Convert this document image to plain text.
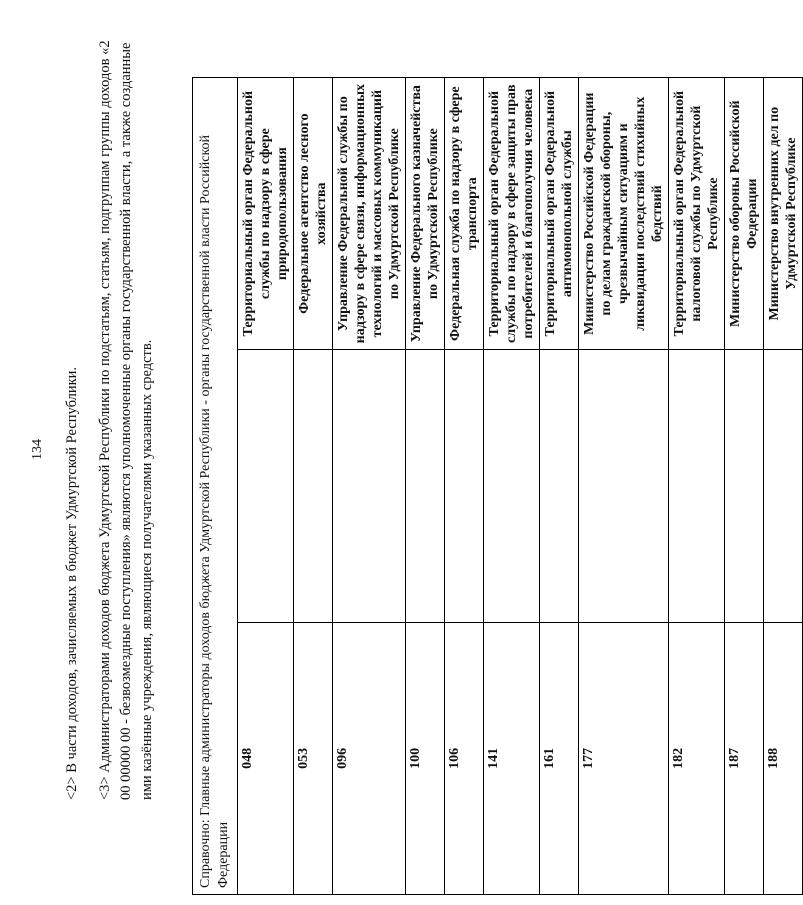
134 <2> В части доходов, зачисляемых в бюджет Удмуртской Республики. <3> Администраторами доходов бюджета Удмуртской Республики по подстатьям, статьям, подгруппам группы доходов «2 00 00000 00 - безвозмездные поступления» являются уполномоченные органы государственной власти, а также созданные ими казённые учреждения, являющиеся получателями указанных средств.	Справочно: Главные администраторы доходов бюджета Удмуртской Республики - органы государственной власти Российской Федерации		
048		Территориальный орган Федеральной службы по надзору в сфере природопользования
053		Федеральное агентство лесного хозяйства
096		Управление Федеральной службы по надзору в сфере связи, информационных технологий и массовых коммуникаций по Удмуртской Республике
100		Управление Федерального казначейства по Удмуртской Республике
106		Федеральная служба по надзору в сфере транспорта
141		Территориальный орган Федеральной службы по надзору в сфере защиты прав потребителей и благополучия человека
161		Территориальный орган Федеральной антимонопольной службы
177		Министерство Российской Федерации по делам гражданской обороны, чрезвычайным ситуациям и ликвидации последствий стихийных бедствий
182		Территориальный орган Федеральной налоговой службы по Удмуртской Республике
187		Министерство обороны Российской Федерации
188		Министерство внутренних дел по Удмуртской Республике
